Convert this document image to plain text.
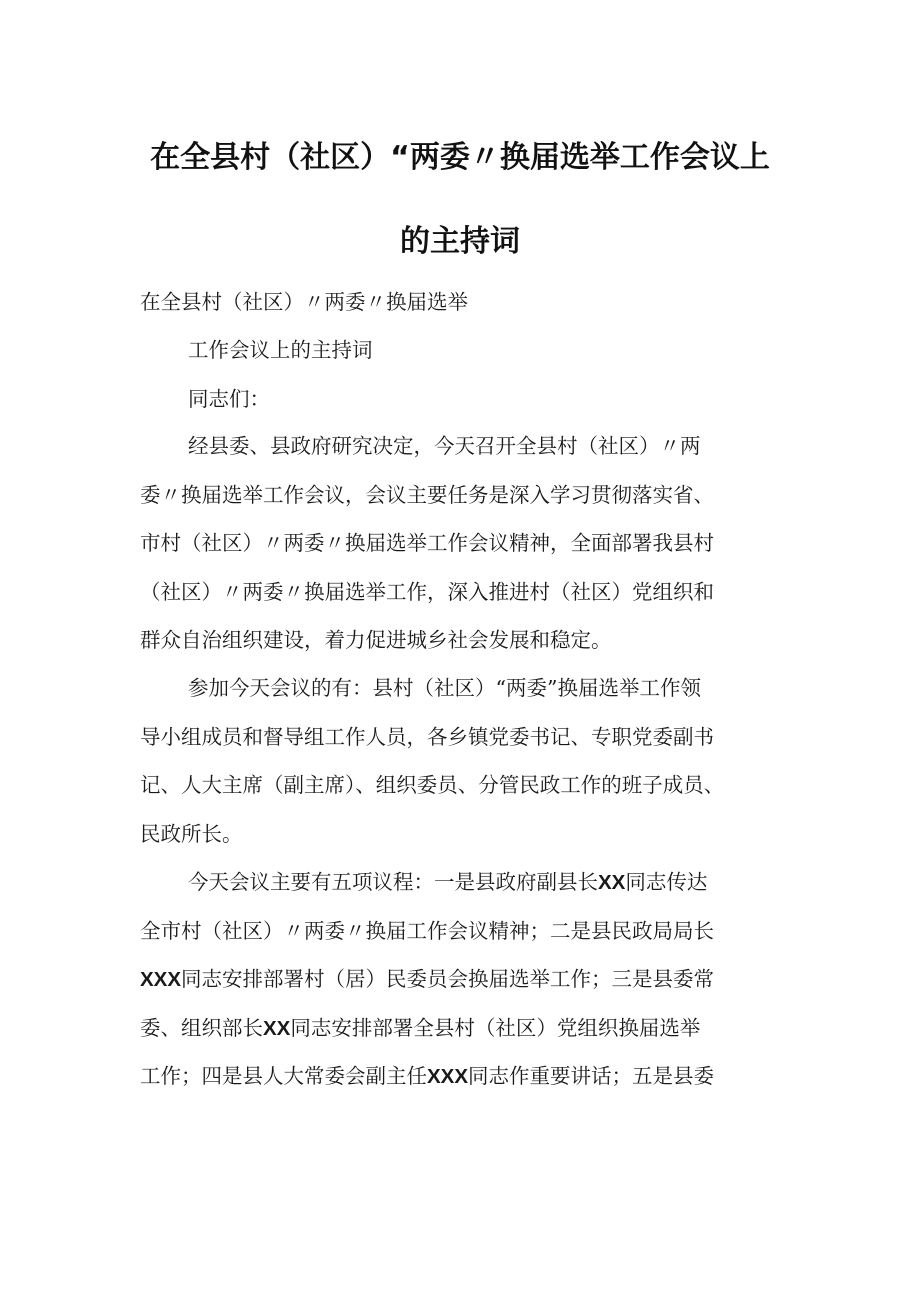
在全县村（社区）“两委〃换届选举工作会议上
的主持词
在全县村（社区）〃两委〃换届选举
工作会议上的主持词
同志们：
经县委、县政府研究决定，今天召开全县村（社区）〃两
委〃换届选举工作会议，会议主要任务是深入学习贯彻落实省、
市村（社区）〃两委〃换届选举工作会议精神，全面部署我县村
（社区）〃两委〃换届选举工作，深入推进村（社区）党组织和
群众自治组织建设，着力促进城乡社会发展和稳定。
参加今天会议的有：县村（社区）“两委”换届选举工作领
导小组成员和督导组工作人员，各乡镇党委书记、专职党委副书
记、人大主席（副主席）、组织委员、分管民政工作的班子成员、
民政所长。
今天会议主要有五项议程：一是县政府副县长XX同志传达
全市村（社区）〃两委〃换届工作会议精神；二是县民政局局长
XXX同志安排部署村（居）民委员会换届选举工作；三是县委常
委、组织部长XX同志安排部署全县村（社区）党组织换届选举
工作；四是县人大常委会副主任XXX同志作重要讲话；五是县委
